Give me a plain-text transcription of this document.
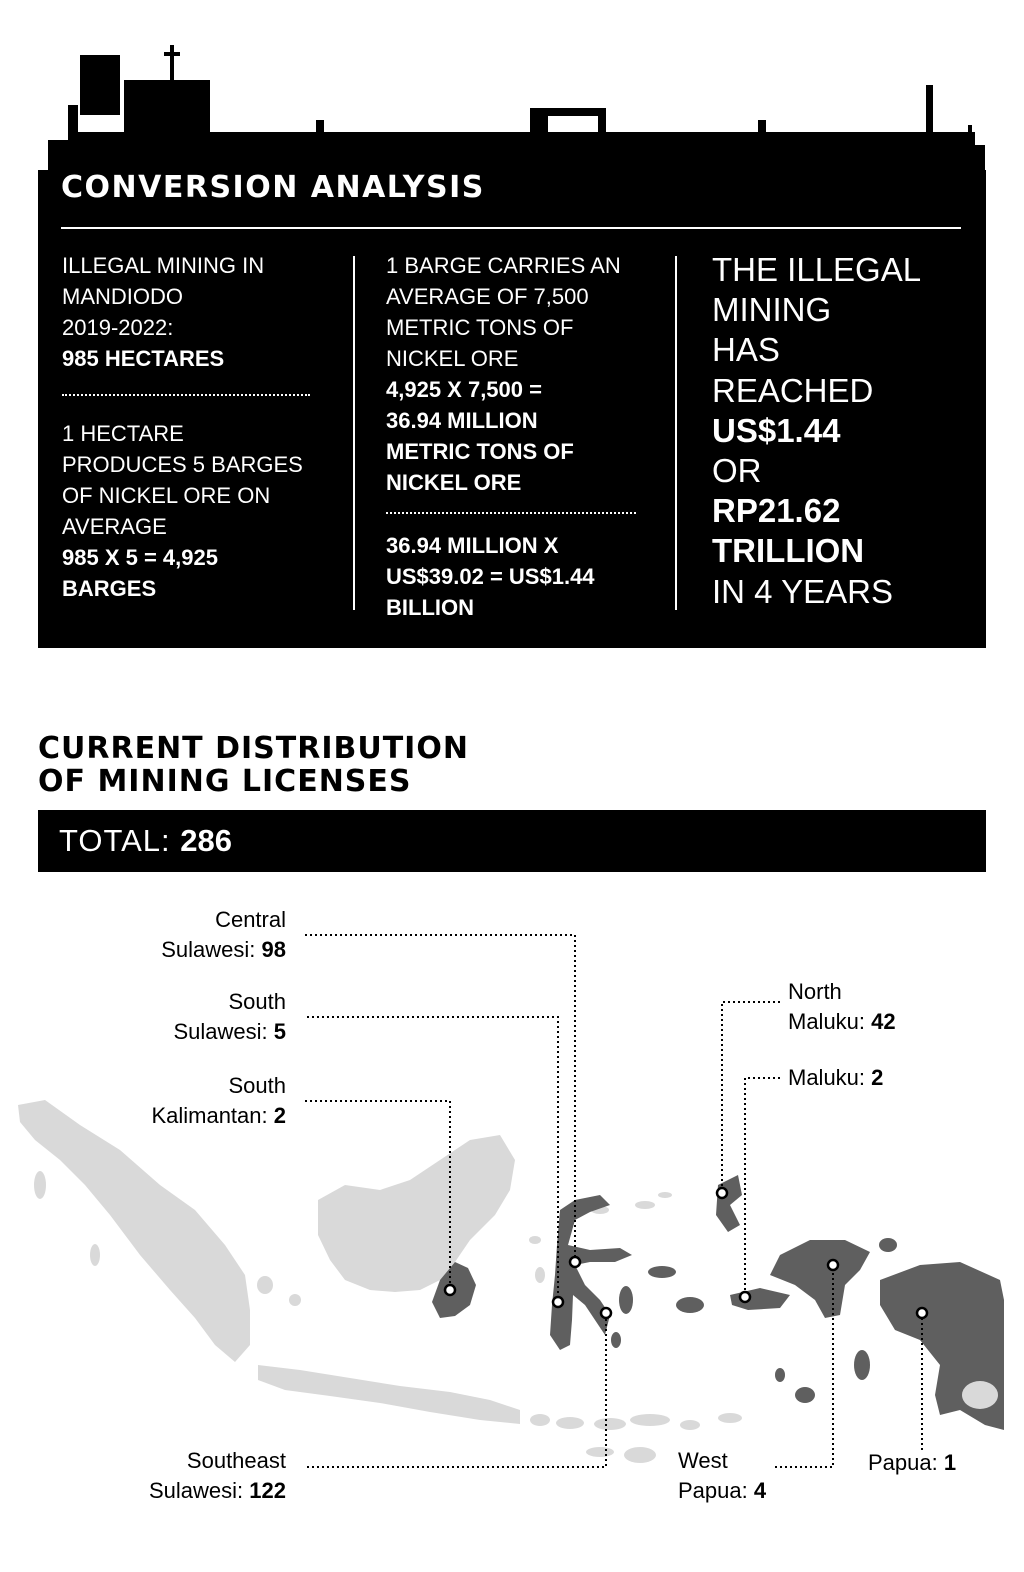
CONVERSION ANALYSIS

ILLEGAL MINING IN

MANDIODO

2019-2022:

985 HECTARES

1 HECTARE

PRODUCES 5 BARGES

OF NICKEL ORE ON

AVERAGE

985 X 5 = 4,925

BARGES

1 BARGE CARRIES AN

AVERAGE OF 7,500

METRIC TONS OF

NICKEL ORE

4,925 X 7,500 =

36.94 MILLION

METRIC TONS OF

NICKEL ORE

36.94 MILLION X

US$39.02 = US$1.44

BILLION

THE ILLEGAL

MINING

HAS

REACHED

US$1.44

OR

RP21.62

TRILLION

IN 4 YEARS

CURRENT DISTRIBUTION
OF MINING LICENSES
TOTAL: 286
Central
Sulawesi: 98
South
Sulawesi: 5
South
Kalimantan: 2
North
Maluku: 42
Maluku: 2
Southeast
Sulawesi: 122
West
Papua: 4
Papua: 1
